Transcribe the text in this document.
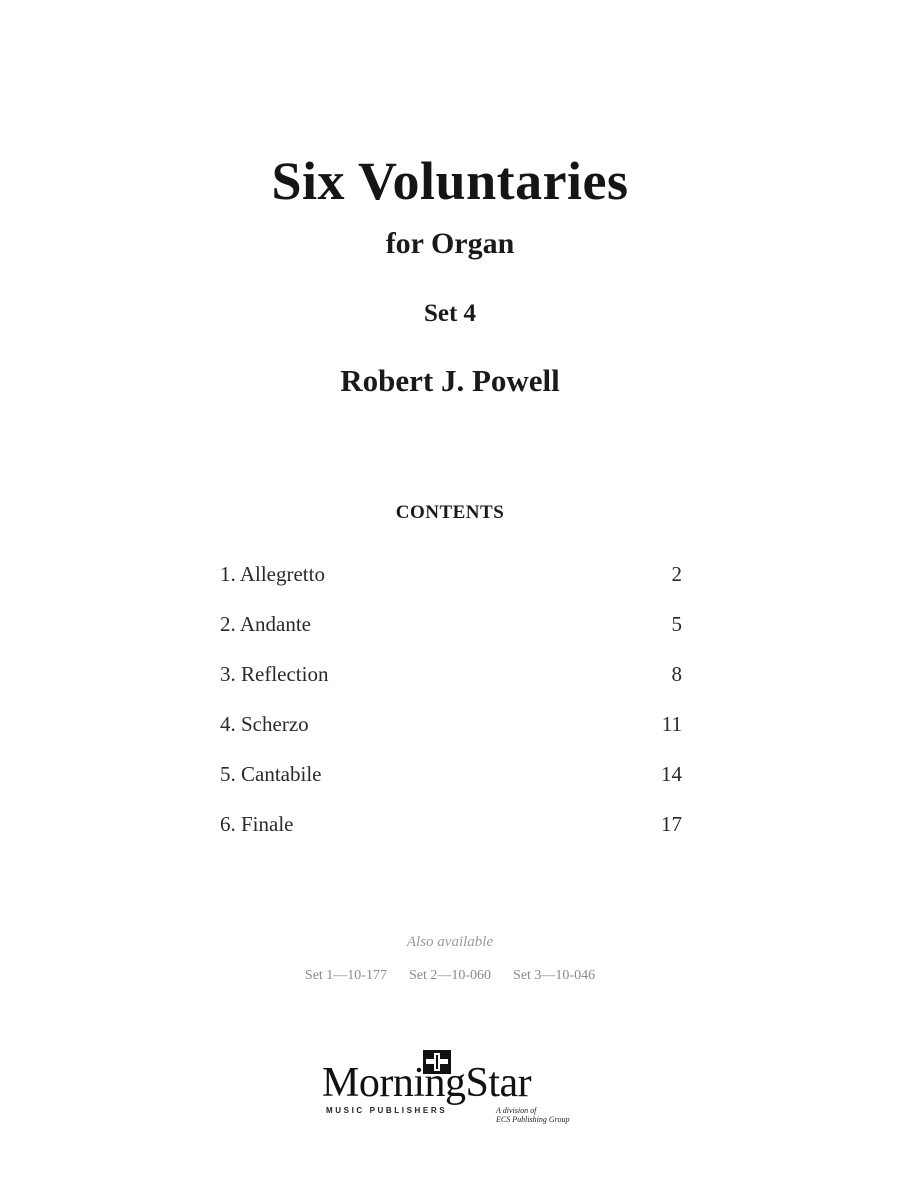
Six Voluntaries
for Organ
Set 4
Robert J. Powell
CONTENTS
1. Allegretto	2
2. Andante	5
3. Reflection	8
4. Scherzo	11
5. Cantabile	14
6. Finale	17
Also available
Set 1—10-177 Set 2—10-060 Set 3—10-046
MorningStar
MUSIC PUBLISHERS	A division of
ECS Publishing Group
